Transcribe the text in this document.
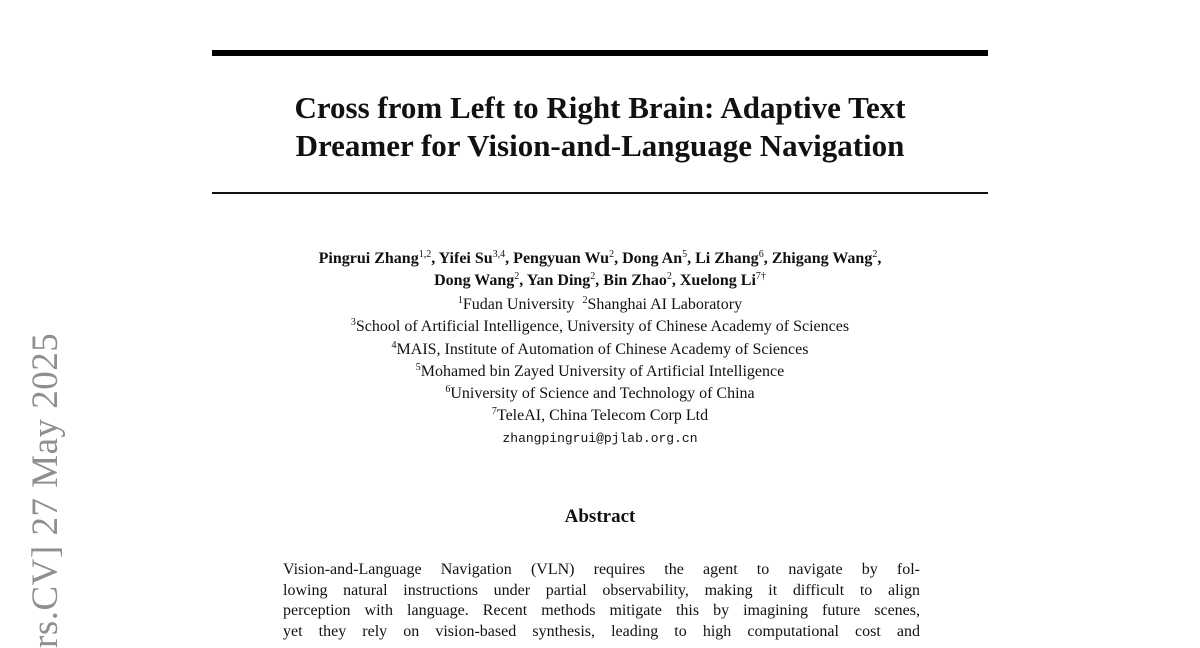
Cross from Left to Right Brain: Adaptive Text
Dreamer for Vision-and-Language Navigation
Pingrui Zhang$^{1,2}$, Yifei Su$^{3,4}$, Pengyuan Wu$^2$, Dong An$^5$, Li Zhang$^6$, Zhigang Wang$^2$,
Dong Wang$^2$, Yan Ding$^2$, Bin Zhao$^2$, Xuelong $Li^{7\dagger}$
$^1$Fudan University $^2$Shanghai AI Laboratory
$^3$School of Artificial Intelligence, University of Chinese Academy of Sciences
$^4$MAIS, Institute of Automation of Chinese Academy of Sciences
$^5$Mohamed bin Zayed University of Artificial Intelligence
$^6$University of Science and Technology of China
$^7$TeleAI, China Telecom Corp Ltd
zhangpingrui@pjlab.org.cn
Abstract
Vision-and-Language Navigation (VLN) requires the agent to navigate by fol-
lowing natural instructions under partial observability, making it difficult to align
perception with language. Recent methods mitigate this by imagining future scenes,
yet they rely on vision-based synthesis, leading to high computational cost and
rs.CV] 27 May 2025
